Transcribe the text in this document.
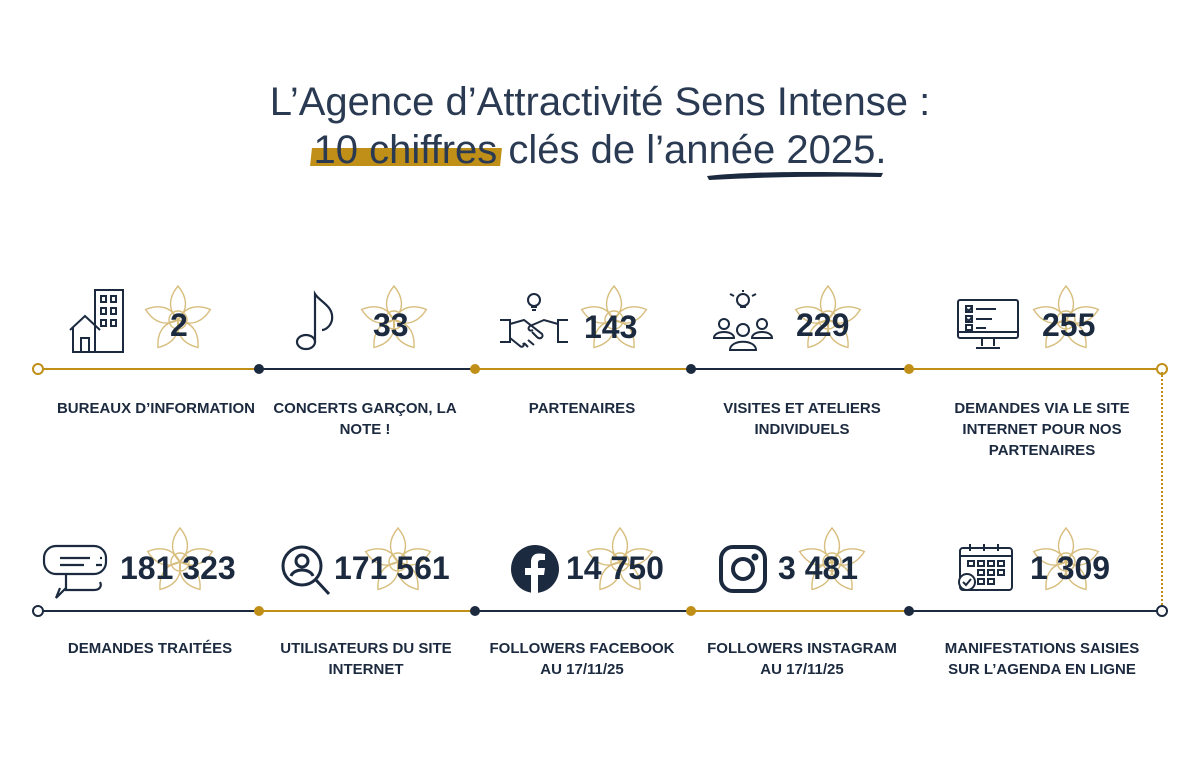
L’Agence d’Attractivité Sens Intense :
10 chiffres clés de l’année 2025
.
2
BUREAUX D’INFORMATION
33
CONCERTS GARÇON, LA NOTE !
143
PARTENAIRES
229
VISITES ET ATELIERS INDIVIDUELS
255
DEMANDES VIA LE SITE INTERNET POUR NOS PARTENAIRES
181 323
DEMANDES TRAITÉES
171 561
UTILISATEURS DU SITE INTERNET
14 750
FOLLOWERS FACEBOOK AU 17/11/25
3 481
FOLLOWERS INSTAGRAM AU 17/11/25
1 309
MANIFESTATIONS SAISIES SUR L’AGENDA EN LIGNE
